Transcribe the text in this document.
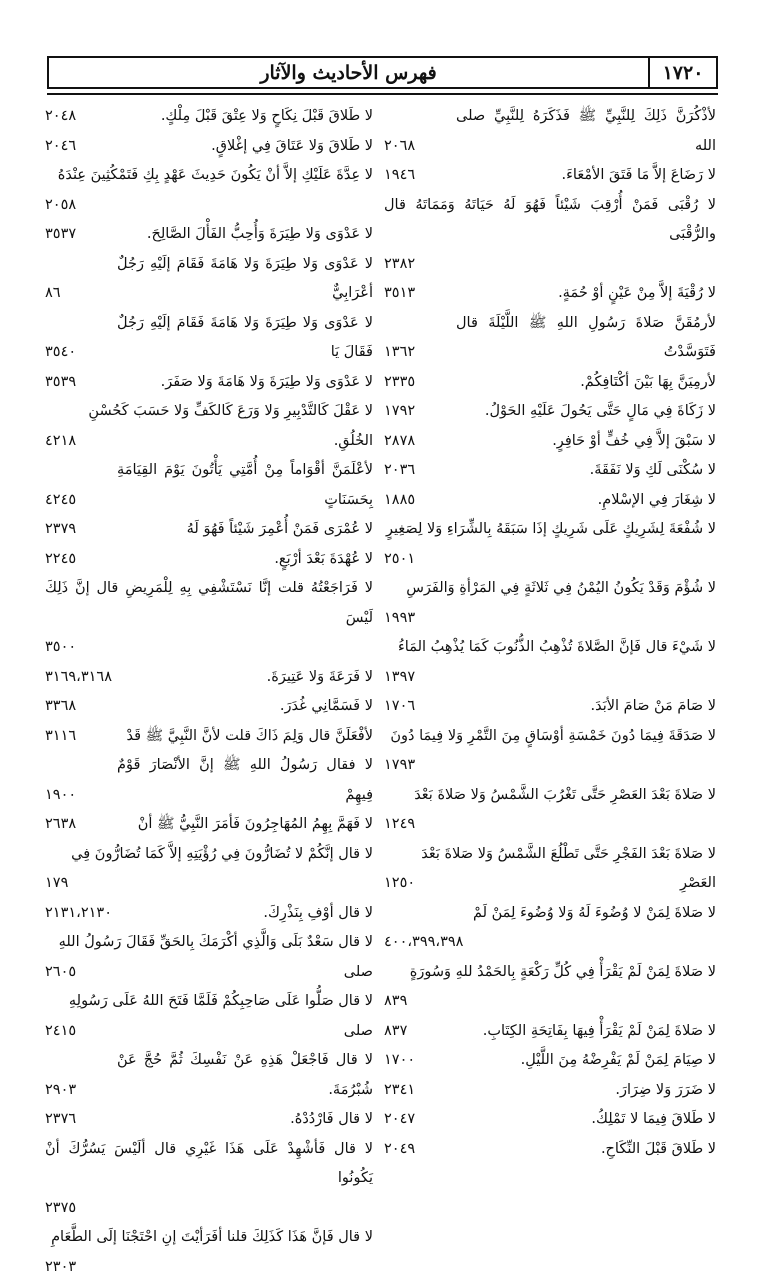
١٧٢٠
فهرس الأحاديث والآثار
لأذْكُرَنَّ ذَلِكَ لِلنَّبِيِّ ﷺ فَذَكَرَهُ لِلنَّبِيِّ صلى الله
٢٠٦٨
لا رَضَاعَ إلاَّ مَا فَتَقَ الأمْعَاءَ.
١٩٤٦
لا رُقْبَى فَمَنْ أُرْقِبَ شَيْئاً فَهُوَ لَهُ حَيَاتَهُ وَمَمَاتَهُ قال والرُّقْبَى
٢٣٨٢
لا رُقْيَةَ إلاَّ مِنْ عَيْنٍ أوْ حُمَةٍ.
٣٥١٣
لأرمُقَنَّ صَلاةَ رَسُولِ اللهِ ﷺ اللَّيْلَةَ قال فَتَوَسَّدْتُ
١٣٦٢
لأرمِيَنَّ بِهَا بَيْنَ أكْتَافِكُمْ.
٢٣٣٥
لا زَكَاةَ فِي مَالٍ حَتَّى يَحُولَ عَلَيْهِ الحَوْلُ.
١٧٩٢
لا سَبْقَ إلاَّ فِي خُفٍّ أوْ حَافِرٍ.
٢٨٧٨
لا سُكْنَى لَكِ وَلا نَفَقَةَ.
٢٠٣٦
لا شِغَارَ فِي الإسْلامِ.
١٨٨٥
لا شُفْعَةَ لِشَرِيكٍ عَلَى شَرِيكٍ إذَا سَبَقَهُ بِالشِّرَاءِ وَلا لِصَغِيرٍ
٢٥٠١
لا شُؤْمَ وَقَدْ يَكُونُ اليُمْنُ فِي ثَلاثَةٍ فِي المَرْأةِ وَالفَرَسِ
١٩٩٣
لا شَيْءَ قال فَإنَّ الصَّلاةَ تُذْهِبُ الذُّنُوبَ كَمَا يُذْهِبُ المَاءُ
١٣٩٧
لا صَامَ مَنْ صَامَ الأبَدَ.
١٧٠٦
لا صَدَقَةَ فِيمَا دُونَ خَمْسَةِ أوْسَاقٍ مِنَ التَّمْرِ وَلا فِيمَا دُونَ
١٧٩٣
لا صَلاةَ بَعْدَ العَصْرِ حَتَّى تَغْرُبَ الشَّمْسُ وَلا صَلاةَ بَعْدَ
١٢٤٩
لا صَلاةَ بَعْدَ الفَجْرِ حَتَّى تَطْلُعَ الشَّمْسُ وَلا صَلاةَ بَعْدَ
العَصْرِ
١٢٥٠
لا صَلاةَ لِمَنْ لا وُضُوءَ لَهُ وَلا وُضُوءَ لِمَنْ لَمْ
٤٠٠،٣٩٩،٣٩٨
لا صَلاةَ لِمَنْ لَمْ يَقْرَأْ فِي كُلِّ رَكْعَةٍ بِالحَمْدُ للهِ وَسُورَةٍ
٨٣٩
لا صَلاةَ لِمَنْ لَمْ يَقْرَأْ فِيهَا بِفَاتِحَةِ الكِتَابِ.
٨٣٧
لا صِيَامَ لِمَنْ لَمْ يَفْرِضْهُ مِنَ اللَّيْلِ.
١٧٠٠
لا ضَرَرَ وَلا ضِرَارَ.
٢٣٤١
لا طَلاقَ فِيمَا لا تَمْلِكُ.
٢٠٤٧
لا طَلاقَ قَبْلَ النِّكَاحِ.
٢٠٤٩
لا طَلاقَ قَبْلَ نِكَاحٍ وَلا عِتْقَ قَبْلَ مِلْكٍ.
٢٠٤٨
لا طَلاقَ وَلا عَتَاقَ فِي إغْلاقٍ.
٢٠٤٦
لا عِدَّةَ عَلَيْكِ إلاَّ أنْ يَكُونَ حَدِيثَ عَهْدٍ بِكِ فَتَمْكُثِينَ عِنْدَهُ
٢٠٥٨
لا عَدْوَى وَلا طِيَرَةَ وَأُحِبُّ الفَأْلَ الصَّالِحَ.
٣٥٣٧
لا عَدْوَى وَلا طِيَرَةَ وَلا هَامَةَ فَقَامَ إلَيْهِ رَجُلٌ أعْرَابِيٌّ
٨٦
لا عَدْوَى وَلا طِيَرَةَ وَلا هَامَةَ فَقَامَ إلَيْهِ رَجُلٌ فَقَالَ يَا
٣٥٤٠
لا عَدْوَى وَلا طِيَرَةَ وَلا هَامَةَ وَلا صَفَرَ.
٣٥٣٩
لا عَقْلَ كَالتَّدْبِيرِ وَلا وَرَعَ كَالكَفِّ وَلا حَسَبَ كَحُسْنِ
الخُلُقِ.
٤٢١٨
لأعْلَمَنَّ أقْوَاماً مِنْ أُمَّتِي يَأْتُونَ يَوْمَ القِيَامَةِ بِحَسَنَاتٍ
٤٢٤٥
لا عُمْرَى فَمَنْ أُعْمِرَ شَيْئاً فَهُوَ لَهُ
٢٣٧٩
لا عُهْدَةَ بَعْدَ أرْبَعٍ.
٢٢٤٥
لا فَرَاجَعْتُهُ قلت إنَّا نَسْتَشْفِي بِهِ لِلْمَرِيضِ قال إنَّ ذَلِكَ لَيْسَ
٣٥٠٠
لا فَرَعَةَ وَلا عَتِيرَةَ.
٣١٦٩،٣١٦٨
لا فَسَمَّانِي غُدَرَ.
٣٣٦٨
لأفْعَلَنَّ قال وَلِمَ ذَاكَ قلت لأنَّ النَّبِيَّ ﷺ قَدْ
٣١١٦
لا فقال رَسُولُ اللهِ ﷺ إنَّ الأنْصَارَ قَوْمٌ فِيهِمْ
١٩٠٠
لا فَهَمَّ بِهِمُ المُهَاجِرُونَ فَأمَرَ النَّبِيُّ ﷺ أنْ
٢٦٣٨
لا قال إنَّكُمْ لا تُضَارُّونَ فِي رُؤْيَتِهِ إلاَّ كَمَا تُضَارُّونَ فِي
١٧٩
لا قال أوْفِ بِنَذْرِكَ.
٢١٣١،٢١٣٠
لا قال سَعْدٌ بَلَى وَالَّذِي أكْرَمَكَ بِالحَقِّ فَقَالَ رَسُولُ اللهِ
صلى
٢٦٠٥
لا قال صَلُّوا عَلَى صَاحِبِكُمْ فَلَمَّا فَتَحَ اللهُ عَلَى رَسُولِهِ
صلى
٢٤١٥
لا قال فَاجْعَلْ هَذِهِ عَنْ نَفْسِكَ ثُمَّ حُجَّ عَنْ شُبْرُمَةَ.
٢٩٠٣
لا قال فَارْدُدْهُ.
٢٣٧٦
لا قال فَأشْهِدْ عَلَى هَذَا غَيْرِي قال ألَيْسَ يَسُرُّكَ أنْ يَكُونُوا
٢٣٧٥
لا قال فَإنَّ هَذَا كَذَلِكَ قلنا أفَرَأيْتَ إنِ احْتَجْنَا إلَى الطَّعَامِ
٢٣٠٣
